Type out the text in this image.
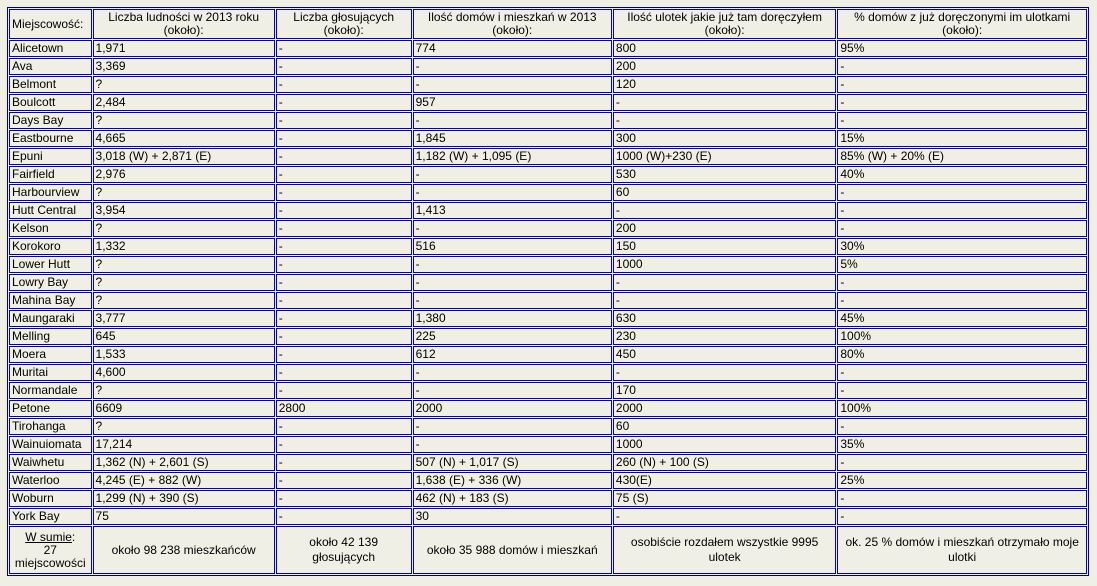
Miejscowość:	Liczba ludności w 2013 roku (około):	Liczba głosujących (około):	Ilość domów i mieszkań w 2013 (około):	Ilość ulotek jakie już tam doręczyłem (około):	% domów z już doręczonymi im ulotkami (około):
Alicetown	1,971	-	774	800	95%
Ava	3,369	-	-	200	-
Belmont	?	-	-	120	-
Boulcott	2,484	-	957	-	-
Days Bay	?	-	-	-	-
Eastbourne	4,665	-	1,845	300	15%
Epuni	3,018 (W) + 2,871 (E)	-	1,182 (W) + 1,095 (E)	1000 (W)+230 (E)	85% (W) + 20% (E)
Fairfield	2,976	-	-	530	40%
Harbourview	?	-	-	60	-
Hutt Central	3,954	-	1,413	-	-
Kelson	?	-	-	200	-
Korokoro	1,332	-	516	150	30%
Lower Hutt	?	-	-	1000	5%
Lowry Bay	?	-	-	-	-
Mahina Bay	?	-	-	-	-
Maungaraki	3,777	-	1,380	630	45%
Melling	645	-	225	230	100%
Moera	1,533	-	612	450	80%
Muritai	4,600	-	-	-	-
Normandale	?	-	-	170	-
Petone	6609	2800	2000	2000	100%
Tirohanga	?	-	-	60	-
Wainuiomata	17,214	-	-	1000	35%
Waiwhetu	1,362 (N) + 2,601 (S)	-	507 (N) + 1,017 (S)	260 (N) + 100 (S)	-
Waterloo	4,245 (E) + 882 (W)	-	1,638 (E) + 336 (W)	430(E)	25%
Woburn	1,299 (N) + 390 (S)	-	462 (N) + 183 (S)	75 (S)	-
York Bay	75	-	30	-	-
W sumie:
27 miejscowości	około 98 238 mieszkańców	około 42 139 głosujących	około 35 988 domów i mieszkań	osobiście rozdałem wszystkie 9995 ulotek	ok. 25 % domów i mieszkań otrzymało moje ulotki
